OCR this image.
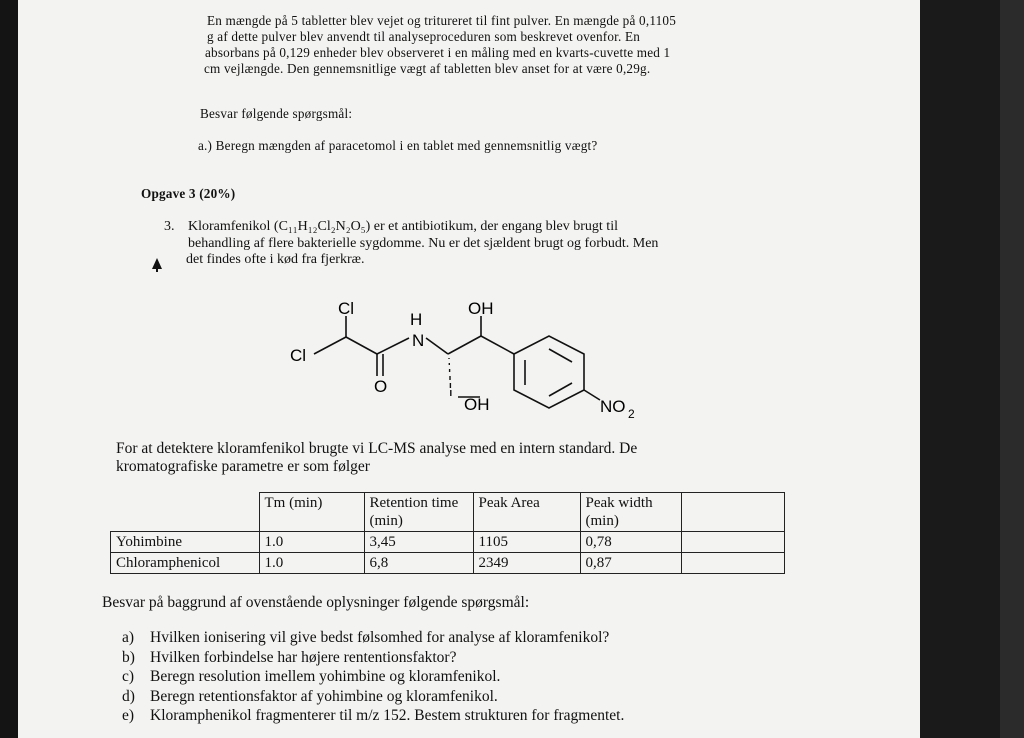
En mængde på 5 tabletter blev vejet og tritureret til fint pulver. En mængde på 0,1105
g af dette pulver blev anvendt til analyseproceduren som beskrevet ovenfor. En
absorbans på 0,129 enheder blev observeret i en måling med en kvarts-cuvette med 1
cm vejlængde. Den gennemsnitlige vægt af tabletten blev anset for at være 0,29g.
Besvar følgende spørgsmål:
a.) Beregn mængden af paracetomol i en tablet med gennemsnitlig vægt?
Opgave 3 (20%)
3. Kloramfenikol (C₁₁H₁₂Cl₂N₂O₅) er et antibiotikum, der engang blev brugt til
behandling af flere bakterielle sygdomme. Nu er det sjældent brugt og forbudt. Men
det findes ofte i kød fra fjerkræ.
Cl
Cl
H
N
O
OH
OH	NO 2
For at detektere kloramfenikol brugte vi LC-MS analyse med en intern standard. De
kromatografiske parametre er som følger
	Tm (min)	Retention time (min)	Peak Area	Peak width (min)	
Yohimbine	1.0	3,45	1105	0,78	
Chloramphenicol	1.0	6,8	2349	0,87	
Besvar på baggrund af ovenstående oplysninger følgende spørgsmål:
a) Hvilken ionisering vil give bedst følsomhed for analyse af kloramfenikol?
b) Hvilken forbindelse har højere rententionsfaktor?
c) Beregn resolution imellem yohimbine og kloramfenikol.
d) Beregn retentionsfaktor af yohimbine og kloramfenikol.
e) Kloramphenikol fragmenterer til m/z 152. Bestem strukturen for fragmentet.
